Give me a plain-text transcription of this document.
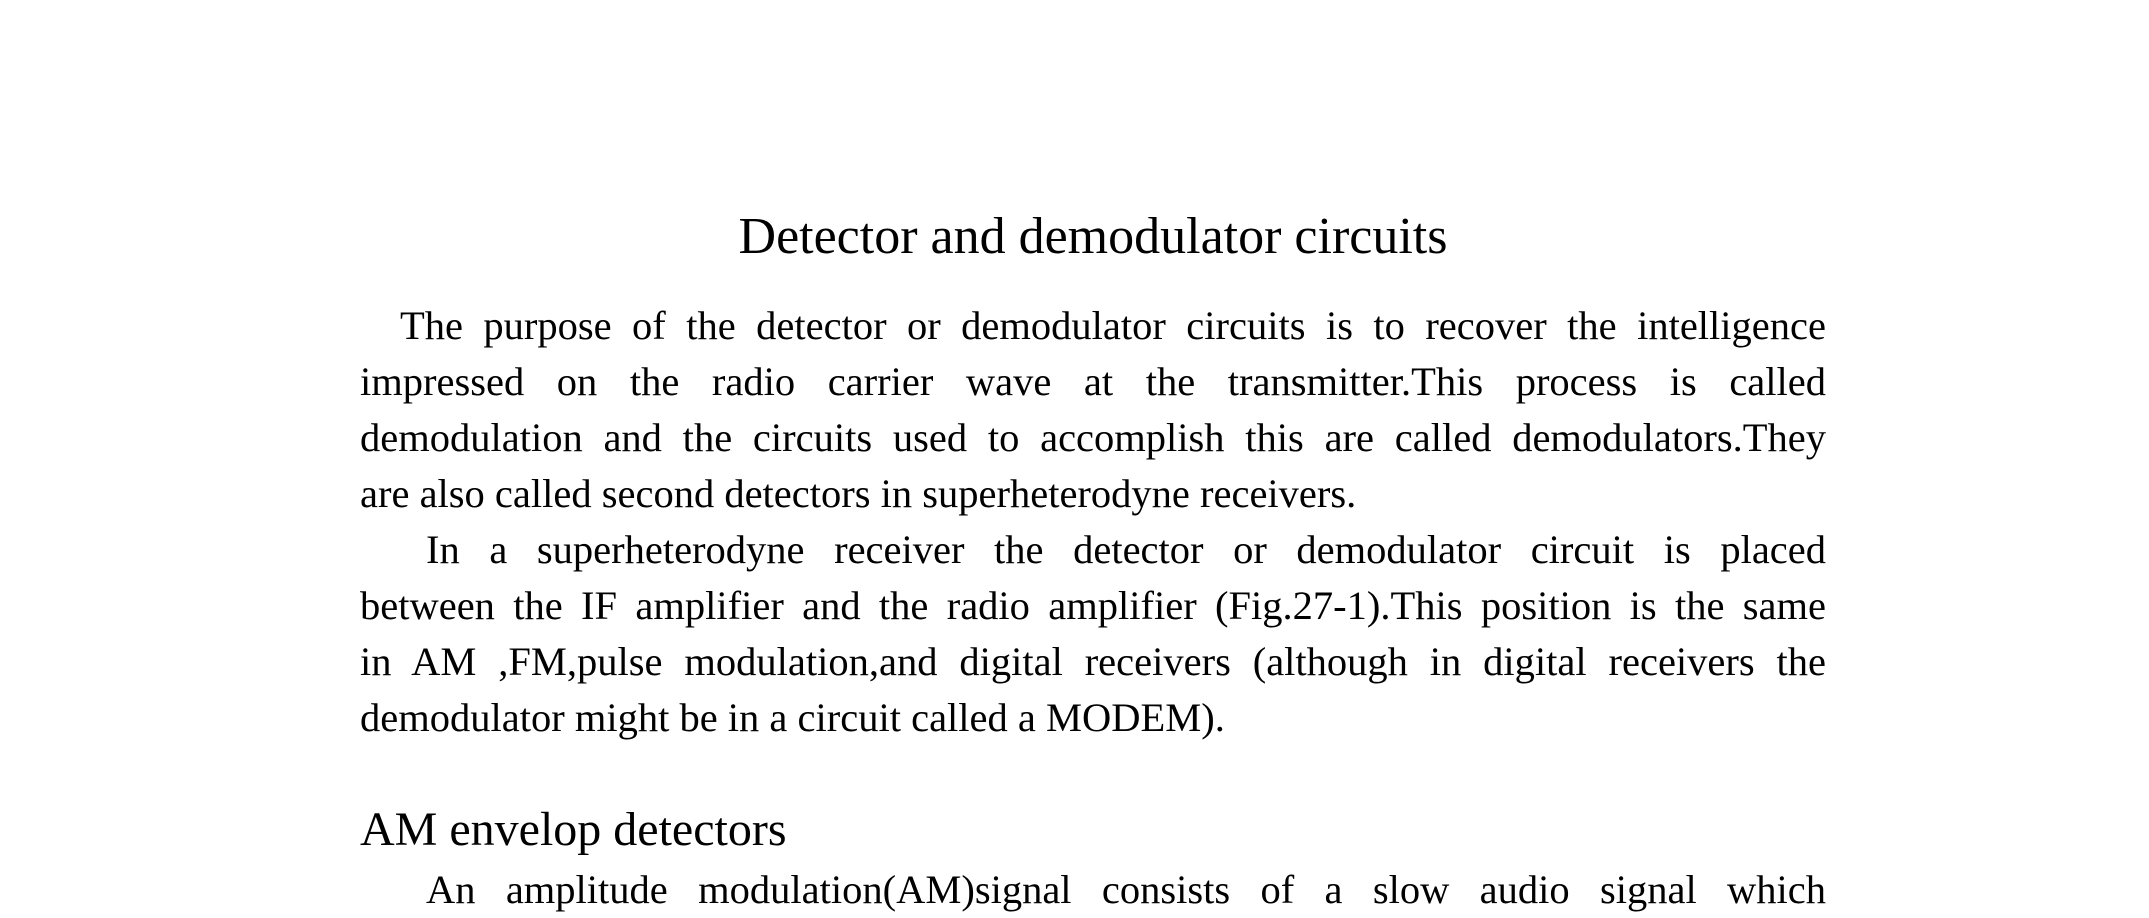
Detector and demodulator circuits

The purpose of the detector or demodulator circuits is to recover the intelligence

impressed on the radio carrier wave at the transmitter.This process is called

demodulation and the circuits used to accomplish this are called demodulators.They

are also called second detectors in superheterodyne receivers.

In a superheterodyne receiver the detector or demodulator circuit is placed

between the IF amplifier and the radio amplifier (Fig.27-1).This position is the same

in AM ,FM,pulse modulation,and digital receivers (although in digital receivers the

demodulator might be in a circuit called a MODEM).

AM envelop detectors

An amplitude modulation(AM)signal consists of a slow audio signal which
